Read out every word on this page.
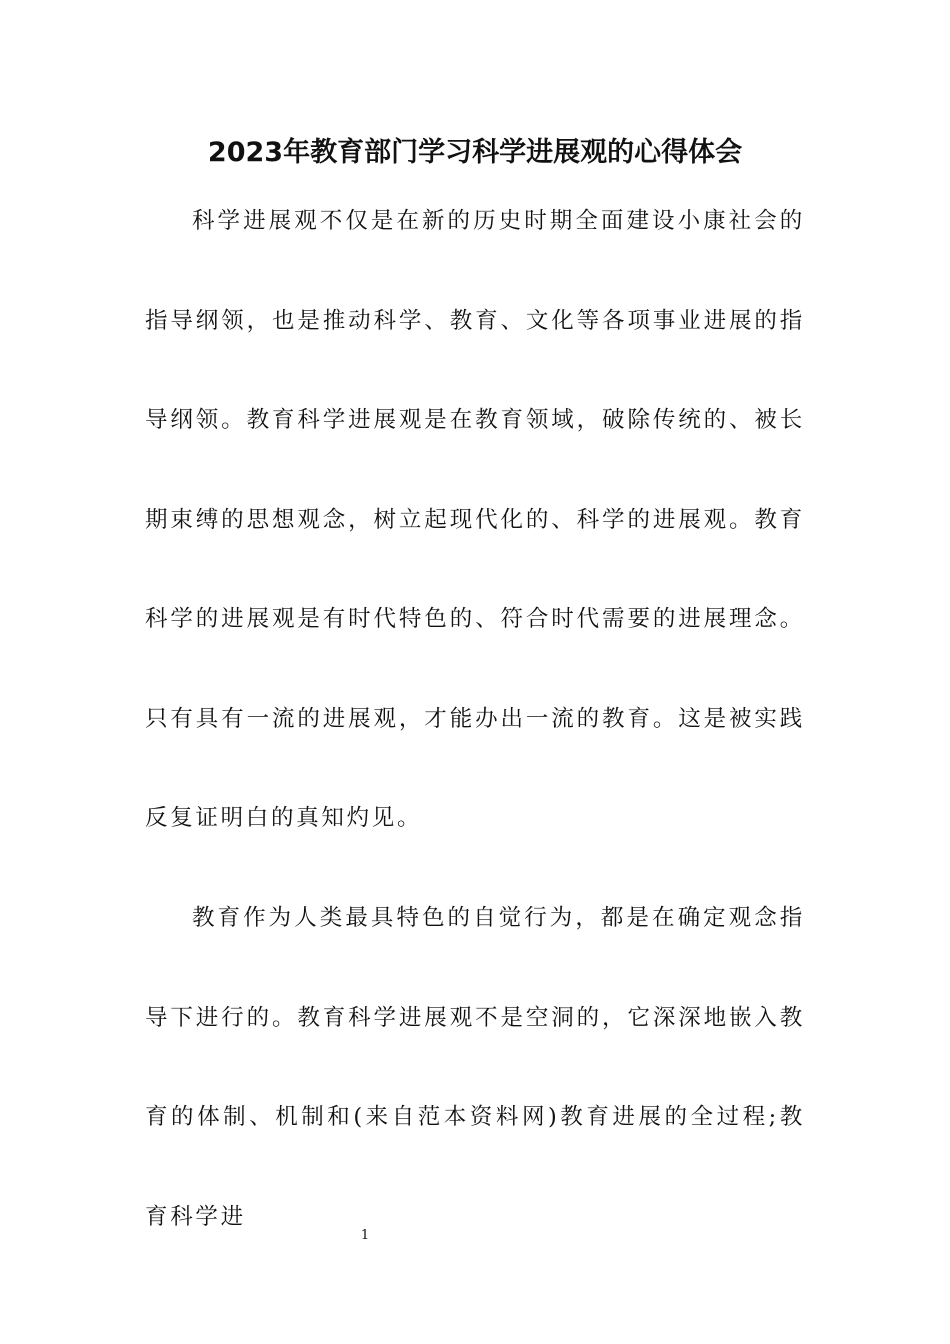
2023年教育部门学习科学进展观的心得体会

科学进展观不仅是在新的历史时期全面建设小康社会的指导纲领，也是推动科学、教育、文化等各项事业进展的指导纲领。教育科学进展观是在教育领域，破除传统的、被长期束缚的思想观念，树立起现代化的、科学的进展观。教育科学的进展观是有时代特色的、符合时代需要的进展理念。只有具有一流的进展观，才能办出一流的教育。这是被实践反复证明白的真知灼见。

教育作为人类最具特色的自觉行为，都是在确定观念指导下进行的。教育科学进展观不是空洞的，它深深地嵌入教育的体制、机制和(来自范本资料网)教育进展的全过程;教育科学进

1
